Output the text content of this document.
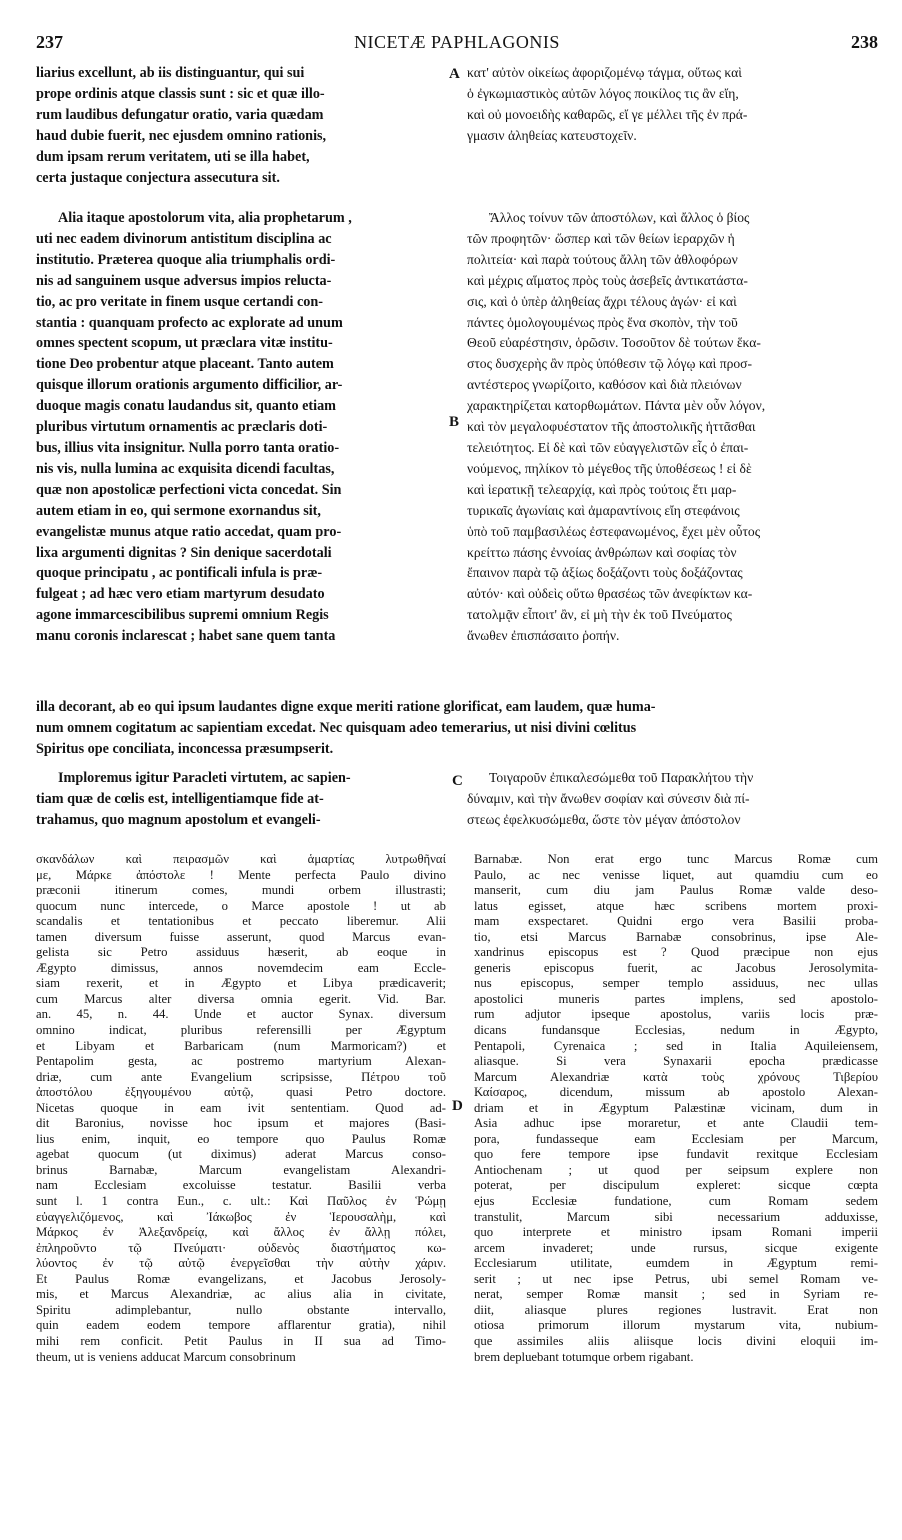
237	NICETÆ PAPHLAGONIS	238
A
B
C
D
liarius excellunt, ab iis distinguantur, qui sui
prope ordinis atque classis sunt : sic et quæ illo-
rum laudibus defungatur oratio, varia quædam
haud dubie fuerit, nec ejusdem omnino rationis,
dum ipsam rerum veritatem, uti se illa habet,
certa justaque conjectura assecutura sit.
κατ' αὐτὸν οἰκείως ἀφοριζομένῳ τάγμα, οὕτως καὶ
ὁ ἐγκωμιαστικὸς αὐτῶν λόγος ποικίλος τις ἂν εἴη,
καὶ οὐ μονοειδὴς καθαρῶς, εἴ γε μέλλει τῆς ἐν πρά-
γμασιν ἀληθείας κατευστοχεῖν.
Alia itaque apostolorum vita, alia prophetarum ,
uti nec eadem divinorum antistitum disciplina ac
institutio. Præterea quoque alia triumphalis ordi-
nis ad sanguinem usque adversus impios reluctа-
tio, ac pro veritate in finem usque certandi con-
stantia : quanquam profecto ac explorate ad unum
omnes spectent scopum, ut præclara vitæ institu-
tione Deo probentur atque placeant. Tanto autem
quisque illorum orationis argumento difficilior, ar-
duoque magis conatu laudandus sit, quanto etiam
pluribus virtutum ornamentis ac præclaris doti-
bus, illius vita insignitur. Nulla porro tanta oratio-
nis vis, nulla lumina ac exquisita dicendi facultas,
quæ non apostolicæ perfectioni victa concedat. Sin
autem etiam in eo, qui sermone exornandus sit,
evangelistæ munus atque ratio accedat, quam pro-
lixa argumenti dignitas ? Sin denique sacerdotali
quoque principatu , ac pontificali infula is præ-
fulgeat ; ad hæc vero etiam martyrum desudato
agone immarcescibilibus supremi omnium Regis
manu coronis inclarescat ; habet sane quem tanta
Ἄλλος τοίνυν τῶν ἀποστόλων, καὶ ἄλλος ὁ βίος
τῶν προφητῶν· ὥσπερ καὶ τῶν θείων ἱεραρχῶν ἡ
πολιτεία· καὶ παρὰ τούτους ἄλλη τῶν ἀθλοφόρων
καὶ μέχρις αἵματος πρὸς τοὺς ἀσεβεῖς ἀντικατάστα-
σις, καὶ ὁ ὑπὲρ ἀληθείας ἄχρι τέλους ἀγών· εἰ καὶ
πάντες ὁμολογουμένως πρὸς ἕνα σκοπὸν, τὴν τοῦ
Θεοῦ εὐαρέστησιν, ὁρῶσιν. Τοσοῦτον δὲ τούτων ἕκα-
στος δυσχερὴς ἂν πρὸς ὑπόθεσιν τῷ λόγῳ καὶ προσ-
αντέστερος γνωρίζοιτο, καθόσον καὶ διὰ πλειόνων
χαρακτηρίζεται κατορθωμάτων. Πάντα μὲν οὖν λόγον,
καὶ τὸν μεγαλοφυέστατον τῆς ἀποστολικῆς ἡττᾶσθαι
τελειότητος. Εἰ δὲ καὶ τῶν εὐαγγελιστῶν εἷς ὁ ἐπαι-
νούμενος, πηλίκον τὸ μέγεθος τῆς ὑποθέσεως ! εἰ δὲ
καὶ ἱερατικῇ τελεαρχίᾳ, καὶ πρὸς τούτοις ἔτι μαρ-
τυρικαῖς ἀγωνίαις καὶ ἀμαραντίνοις εἴη στεφάνοις
ὑπὸ τοῦ παμβασιλέως ἐστεφανωμένος, ἔχει μὲν οὗτος
κρείττω πάσης ἐννοίας ἀνθρώπων καὶ σοφίας τὸν
ἔπαινον παρὰ τῷ ἀξίως δοξάζοντι τοὺς δοξάζοντας
αὐτόν· καὶ οὐδεὶς οὕτω θρασέως τῶν ἀνεφίκτων κα-
τατολμᾷν εἶποιτ' ἂν, εἰ μὴ τὴν ἐκ τοῦ Πνεύματος
ἄνωθεν ἐπισπάσαιτο ῥοπήν.
illa decorant, ab eo qui ipsum laudantes digne exque meriti ratione glorificat, eam laudem, quæ huma-
num omnem cogitatum ac sapientiam excedat. Nec quisquam adeo temerarius, ut nisi divini cœlitus
Spiritus ope conciliata, inconcessa præsumpserit.
Imploremus igitur Paracleti virtutem, ac sapien-
tiam quæ de cœlis est, intelligentiamque fide at-
trahamus, quo magnum apostolum et evangeli-
Τοιγαροῦν ἐπικαλεσώμεθα τοῦ Παρακλήτου τὴν
δύναμιν, καὶ τὴν ἄνωθεν σοφίαν καὶ σύνεσιν διὰ πί-
στεως ἐφελκυσώμεθα, ὥστε τὸν μέγαν ἀπόστολον
σκανδάλων καὶ πειρασμῶν καὶ ἁμαρτίας λυτρωθῆναί
με, Μάρκε ἀπόστολε ! Mente perfecta Paulo divino
præconii itinerum comes, mundi orbem illustrasti;
quocum nunc intercede, o Marce apostole ! ut ab
scandalis et tentationibus et peccato liberemur. Alii
tamen diversum fuisse asserunt, quod Marcus evan-
gelista sic Petro assiduus hæserit, ab eoque in
Ægypto dimissus, annos novemdecim eam Eccle-
siam rexerit, et in Ægypto et Libya prædicaverit;
cum Marcus alter diversa omnia egerit. Vid. Bar.
an. 45, n. 44. Unde et auctor Synax. diversum
omnino indicat, pluribus referensilli per Ægyptum
et Libyam et Barbaricam (num Marmoricam?) et
Pentapolim gesta, ac postremo martyrium Alexan-
driæ, cum ante Evangelium scripsisse, Πέτρου τοῦ
ἀποστόλου ἐξηγουμένου αὐτῷ, quasi Petro doctore.
Nicetas quoque in eam ivit sententiam. Quod ad-
dit Baronius, novisse hoc ipsum et majores (Basi-
lius enim, inquit, eo tempore quo Paulus Romæ
agebat quocum (ut diximus) aderat Marcus conso-
brinus Barnabæ, Marcum evangelistam Alexandri-
nam Ecclesiam excoluisse testatur. Basilii verba
sunt l. 1 contra Eun., c. ult.: Καὶ Παῦλος ἐν Ῥώμῃ
εὐαγγελιζόμενος, καὶ Ἰάκωβος ἐν Ἱερουσαλὴμ, καὶ
Μάρκος ἐν Ἀλεξανδρείᾳ, καὶ ἄλλος ἐν ἄλλῃ πόλει,
ἐπληροῦντο τῷ Πνεύματι· οὐδενὸς διαστήματος κω-
λύοντος ἐν τῷ αὐτῷ ἐνεργεῖσθαι τὴν αὐτὴν χάριν.
Et Paulus Romæ evangelizans, et Jacobus Jerosoly-
mis, et Marcus Alexandriæ, ac alius alia in civitate,
Spiritu adimplebantur, nullo obstante intervallo,
quin eadem eodem tempore afflarentur gratia), nihil
mihi rem conficit. Petit Paulus in II sua ad Timo-
theum, ut is veniens adducat Marcum consobrinum
Barnabæ. Non erat ergo tunc Marcus Romæ cum
Paulo, ac nec venisse liquet, aut quamdiu cum eo
manserit, cum diu jam Paulus Romæ valde deso-
latus egisset, atque hæc scribens mortem proxi-
mam exspectaret. Quidni ergo vera Basilii proba-
tio, etsi Marcus Barnabæ consobrinus, ipse Ale-
xandrinus episcopus est ? Quod præcipue non ejus
generis episcopus fuerit, ac Jacobus Jerosolymita-
nus episcopus, semper templo assiduus, nec ullas
apostolici muneris partes implens, sed apostolo-
rum adjutor ipseque apostolus, variis locis præ-
dicans fundansque Ecclesias, nedum in Ægypto,
Pentapoli, Cyrenaica ; sed in Italia Aquileiensem,
aliasque. Si vera Synaxarii epocha prædicasse
Marcum Alexandriæ κατὰ τοὺς χρόνους Τιβερίου
Καίσαρος, dicendum, missum ab apostolo Alexan-
driam et in Ægyptum Palæstinæ vicinam, dum in
Asia adhuc ipse moraretur, et ante Claudii tem-
pora, fundasseque eam Ecclesiam per Marcum,
quo fere tempore ipse fundavit rexitque Ecclesiam
Antiochenam ; ut quod per seipsum explere non
poterat, per discipulum expleret: sicque cœpta
ejus Ecclesiæ fundatione, cum Romam sedem
transtulit, Marcum sibi necessarium adduxisse,
quo interprete et ministro ipsam Romani imperii
arcem invaderet; unde rursus, sicque exigente
Ecclesiarum utilitate, eumdem in Ægyptum remi-
serit ; ut nec ipse Petrus, ubi semel Romam ve-
nerat, semper Romæ mansit ; sed in Syriam re-
diit, aliasque plures regiones lustravit. Erat non
otiosa primorum illorum mystarum vita, nubium-
que assimiles aliis aliisque locis divini eloquii im-
brem depluebant totumque orbem rigabant.
